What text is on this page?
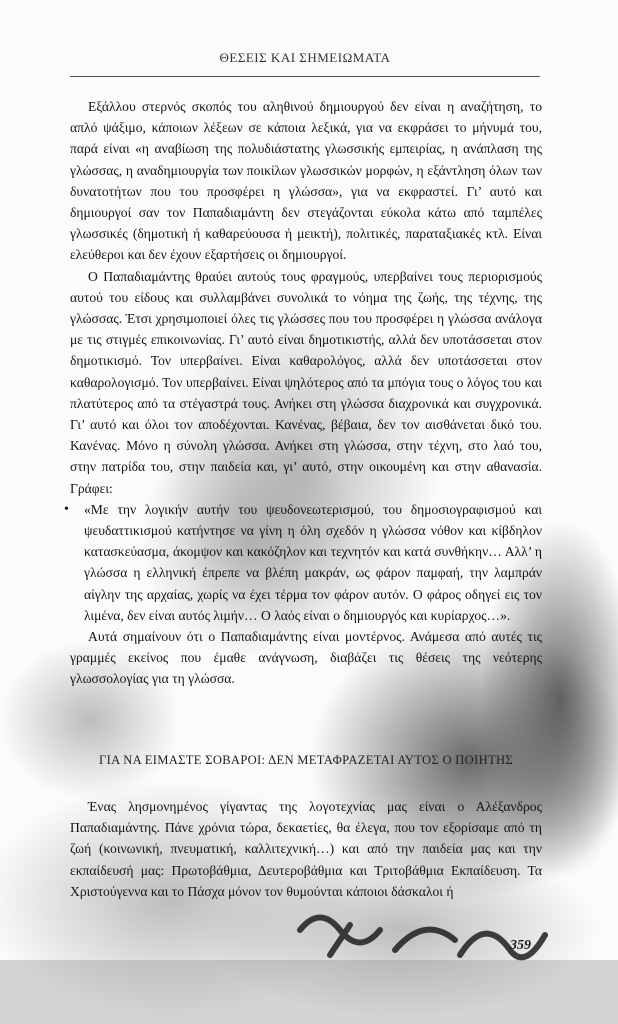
ΘΕΣΕΙΣ ΚΑΙ ΣΗΜΕΙΩΜΑΤΑ

Εξάλλου στερνός σκοπός του αληθινού δημιουργού δεν είναι η αναζήτηση, το απλό ψάξιμο, κάποιων λέξεων σε κάποια λεξικά, για να εκφράσει το μήνυμά του, παρά είναι «η αναβίωση της πολυδιάστατης γλωσσικής εμπειρίας, η ανάπλαση της γλώσσας, η αναδημιουργία των ποικίλων γλωσσικών μορφών, η εξάντληση όλων των δυνατοτήτων που του προσφέρει η γλώσσα», για να εκφραστεί. Γι’ αυτό και δημιουργοί σαν τον Παπαδιαμάντη δεν στεγάζονται εύκολα κάτω από ταμπέλες γλωσσικές (δημοτική ή καθαρεύουσα ή μεικτή), πολιτικές, παραταξιακές κτλ. Είναι ελεύθεροι και δεν έχουν εξαρτήσεις οι δημιουργοί.

Ο Παπαδιαμάντης θραύει αυτούς τους φραγμούς, υπερβαίνει τους περιορισμούς αυτού του είδους και συλλαμβάνει συνολικά το νόημα της ζωής, της τέχνης, της γλώσσας. Έτσι χρησιμοποιεί όλες τις γλώσσες που του προσφέρει η γλώσσα ανάλογα με τις στιγμές επικοινωνίας. Γι’ αυτό είναι δημοτικιστής, αλλά δεν υποτάσσεται στον δημοτικισμό. Τον υπερβαίνει. Είναι καθαρολόγος, αλλά δεν υποτάσσεται στον καθαρολογισμό. Τον υπερβαίνει. Είναι ψηλότερος από τα μπόγια τους ο λόγος του και πλατύτερος από τα στέγαστρά τους. Ανήκει στη γλώσσα διαχρονικά και συγχρονικά. Γι’ αυτό και όλοι τον αποδέχονται. Κανένας, βέβαια, δεν τον αισθάνεται δικό του. Κανένας. Μόνο η σύνολη γλώσσα. Ανήκει στη γλώσσα, στην τέχνη, στο λαό του, στην πατρίδα του, στην παιδεία και, γι’ αυτό, στην οικουμένη και στην αθανασία. Γράφει:

• «Με την λογικήν αυτήν του ψευδονεωτερισμού, του δημοσιογραφισμού και ψευδαττικισμού κατήντησε να γίνη η όλη σχεδόν η γλώσσα νόθον και κίβδηλον κατασκεύασμα, άκομψον και κακόζηλον και τεχνητόν και κατά συνθήκην… Αλλ’ η γλώσσα η ελληνική έπρεπε να βλέπη μακράν, ως φάρον παμφαή, την λαμπράν αίγλην της αρχαίας, χωρίς να έχει τέρμα τον φάρον αυτόν. Ο φάρος οδηγεί εις τον λιμένα, δεν είναι αυτός λιμήν… Ο λαός είναι ο δημιουργός και κυρίαρχος…».

Αυτά σημαίνουν ότι ο Παπαδιαμάντης είναι μοντέρνος. Ανάμεσα από αυτές τις γραμμές εκείνος που έμαθε ανάγνωση, διαβάζει τις θέσεις της νεότερης γλωσσολογίας για τη γλώσσα.

ΓΙΑ ΝΑ ΕΙΜΑΣΤΕ ΣΟΒΑΡΟΙ: ΔΕΝ ΜΕΤΑΦΡΑΖΕΤΑΙ ΑΥΤΟΣ Ο ΠΟΙΗΤΗΣ

Ένας λησμονημένος γίγαντας της λογοτεχνίας μας είναι ο Αλέξανδρος Παπαδιαμάντης. Πάνε χρόνια τώρα, δεκαετίες, θα έλεγα, που τον εξορίσαμε από τη ζωή (κοινωνική, πνευματική, καλλιτεχνική…) και από την παιδεία μας και την εκπαίδευσή μας: Πρωτοβάθμια, Δευτεροβάθμια και Τριτοβάθμια Εκπαίδευση. Τα Χριστούγεννα και το Πάσχα μόνον τον θυμούνται κάποιοι δάσκαλοι ή

359
